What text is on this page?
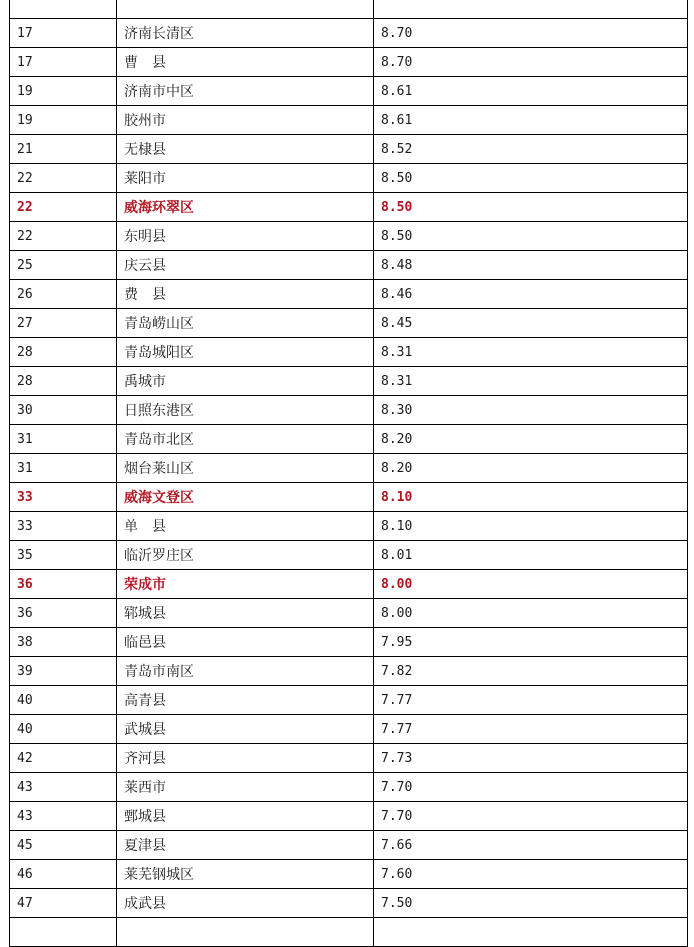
17	济南长清区	8.70
17	曹　县	8.70
19	济南市中区	8.61
19	胶州市	8.61
21	无棣县	8.52
22	莱阳市	8.50
22	威海环翠区	8.50
22	东明县	8.50
25	庆云县	8.48
26	费　县	8.46
27	青岛崂山区	8.45
28	青岛城阳区	8.31
28	禹城市	8.31
30	日照东港区	8.30
31	青岛市北区	8.20
31	烟台莱山区	8.20
33	威海文登区	8.10
33	单　县	8.10
35	临沂罗庄区	8.01
36	荣成市	8.00
36	郓城县	8.00
38	临邑县	7.95
39	青岛市南区	7.82
40	高青县	7.77
40	武城县	7.77
42	齐河县	7.73
43	莱西市	7.70
43	鄄城县	7.70
45	夏津县	7.66
46	莱芜钢城区	7.60
47	成武县	7.50
